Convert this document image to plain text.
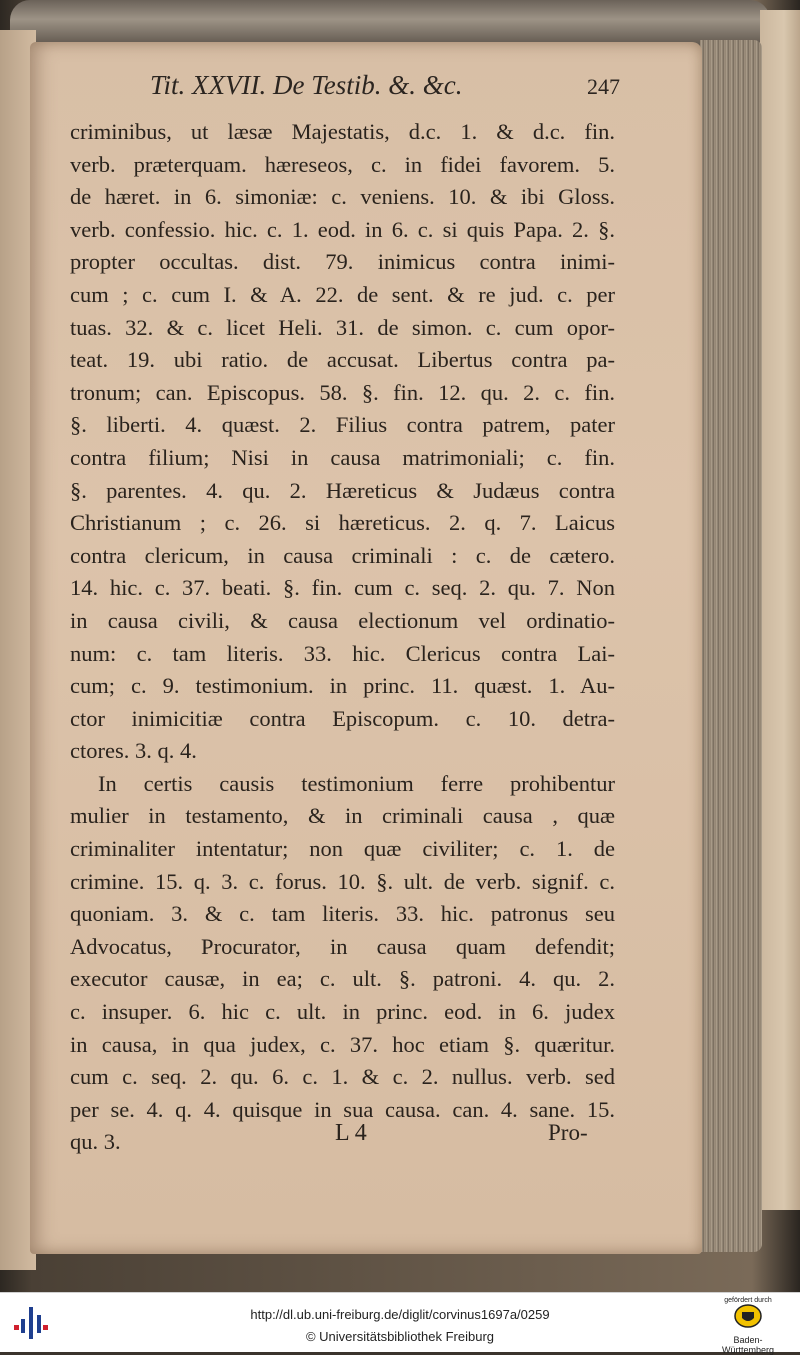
Tit. XXVII. De Testib. &. &c.	247
criminibus, ut læsæ Majestatis, d.c. 1. & d.c. fin.
verb. præterquam. hæreseos, c. in fidei favorem. 5.
de hæret. in 6. simoniæ: c. veniens. 10. & ibi Gloss.
verb. confessio. hic. c. 1. eod. in 6. c. si quis Papa. 2. §.
propter occultas. dist. 79. inimicus contra inimi-
cum ; c. cum I. & A. 22. de sent. & re jud. c. per
tuas. 32. & c. licet Heli. 31. de simon. c. cum opor-
teat. 19. ubi ratio. de accusat. Libertus contra pa-
tronum; can. Episcopus. 58. §. fin. 12. qu. 2. c. fin.
§. liberti. 4. quæst. 2. Filius contra patrem, pater
contra filium; Nisi in causa matrimoniali; c. fin.
§. parentes. 4. qu. 2. Hæreticus & Judæus contra
Christianum ; c. 26. si hæreticus. 2. q. 7. Laicus
contra clericum, in causa criminali : c. de cætero.
14. hic. c. 37. beati. §. fin. cum c. seq. 2. qu. 7. Non
in causa civili, & causa electionum vel ordinatio-
num: c. tam literis. 33. hic. Clericus contra Lai-
cum; c. 9. testimonium. in princ. 11. quæst. 1. Au-
ctor inimicitiæ contra Episcopum. c. 10. detra-
ctores. 3. q. 4.
In certis causis testimonium ferre prohibentur
mulier in testamento, & in criminali causa , quæ
criminaliter intentatur; non quæ civiliter; c. 1. de
crimine. 15. q. 3. c. forus. 10. §. ult. de verb. signif. c.
quoniam. 3. & c. tam literis. 33. hic. patronus seu
Advocatus, Procurator, in causa quam defendit;
executor causæ, in ea; c. ult. §. patroni. 4. qu. 2.
c. insuper. 6. hic c. ult. in princ. eod. in 6. judex
in causa, in qua judex, c. 37. hoc etiam §. quæritur.
cum c. seq. 2. qu. 6. c. 1. & c. 2. nullus. verb. sed
per se. 4. q. 4. quisque in sua causa. can. 4. sane. 15.
qu. 3.	L 4	Pro-
http://dl.ub.uni-freiburg.de/diglit/corvinus1697a/0259
© Universitätsbibliothek Freiburg
gefördert durch
Baden-Württemberg
